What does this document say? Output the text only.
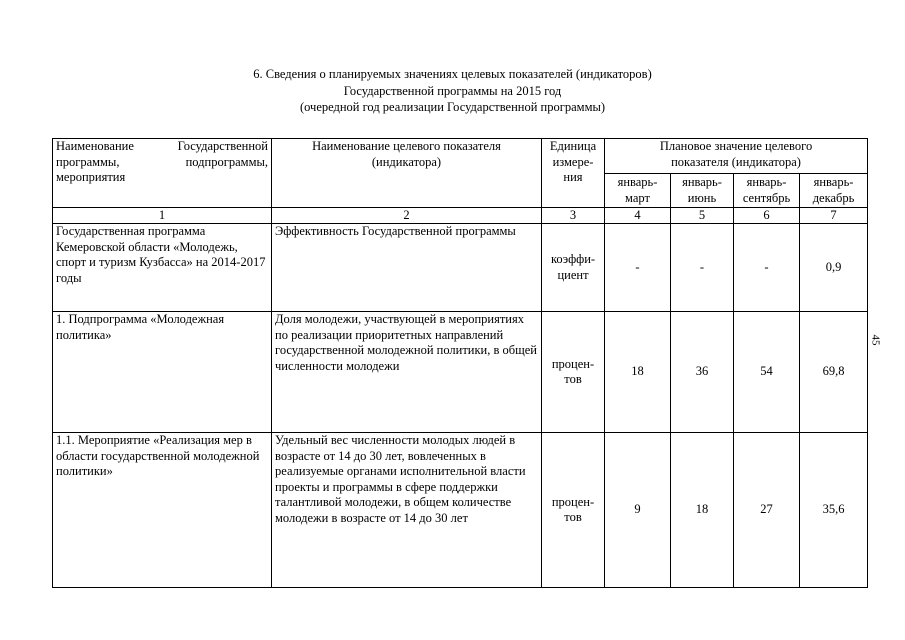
6. Сведения о планируемых значениях целевых показателей (индикаторов)
Государственной программы на 2015 год
(очередной год реализации Государственной программы)
45
Наименование Государственной программы, подпрограммы, мероприятия	Наименование целевого показателя (индикатора)	Единица измере-ния	Плановое значение целевого показателя (индикатора)			
			январь-март	январь-июнь	январь-сентябрь	январь-декабрь
1	2	3	4	5	6	7
Государственная программа Кемеровской области «Молодежь, спорт и туризм Кузбасса» на 2014-2017 годы	Эффективность Государственной программы	коэффи-циент	-	-	-	0,9
1. Подпрограмма «Молодежная политика»	Доля молодежи, участвующей в мероприятиях по реализации приоритетных направлений государственной молодежной политики, в общей численности молодежи	процен-тов	18	36	54	69,8
1.1. Мероприятие «Реализация мер в области государственной молодежной политики»	Удельный вес численности молодых людей в возрасте от 14 до 30 лет, вовлеченных в реализуемые органами исполнительной власти проекты и программы в сфере поддержки талантливой молодежи, в общем количестве молодежи в возрасте от 14 до 30 лет	процен-тов	9	18	27	35,6
